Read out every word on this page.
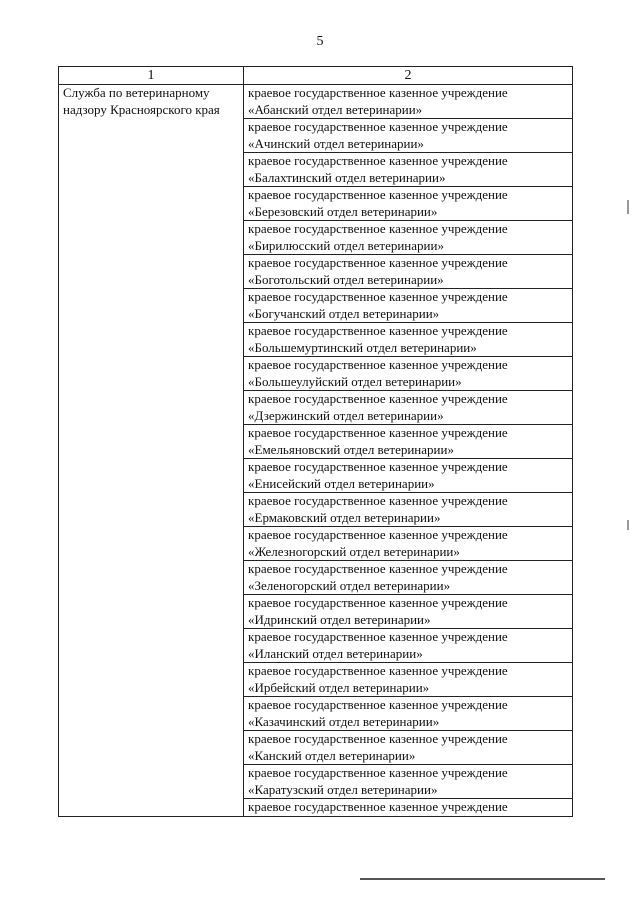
5
1	2
Служба по ветеринарному надзору Красноярского края	краевое государственное казенное учреждение
«Абанский отдел ветеринарии»

	краевое государственное казенное учреждение
«Ачинский отдел ветеринарии»

	краевое государственное казенное учреждение
«Балахтинский отдел ветеринарии»

	краевое государственное казенное учреждение
«Березовский отдел ветеринарии»

	краевое государственное казенное учреждение
«Бирилюсский отдел ветеринарии»

	краевое государственное казенное учреждение
«Боготольский отдел ветеринарии»

	краевое государственное казенное учреждение
«Богучанский отдел ветеринарии»

	краевое государственное казенное учреждение
«Большемуртинский отдел ветеринарии»

	краевое государственное казенное учреждение
«Большеулуйский отдел ветеринарии»

	краевое государственное казенное учреждение
«Дзержинский отдел ветеринарии»

	краевое государственное казенное учреждение
«Емельяновский отдел ветеринарии»

	краевое государственное казенное учреждение
«Енисейский отдел ветеринарии»

	краевое государственное казенное учреждение
«Ермаковский отдел ветеринарии»

	краевое государственное казенное учреждение
«Железногорский отдел ветеринарии»

	краевое государственное казенное учреждение
«Зеленогорский отдел ветеринарии»

	краевое государственное казенное учреждение
«Идринский отдел ветеринарии»

	краевое государственное казенное учреждение
«Иланский отдел ветеринарии»

	краевое государственное казенное учреждение
«Ирбейский отдел ветеринарии»

	краевое государственное казенное учреждение
«Казачинский отдел ветеринарии»

	краевое государственное казенное учреждение
«Канский отдел ветеринарии»

	краевое государственное казенное учреждение
«Каратузский отдел ветеринарии»

	краевое государственное казенное учреждение
